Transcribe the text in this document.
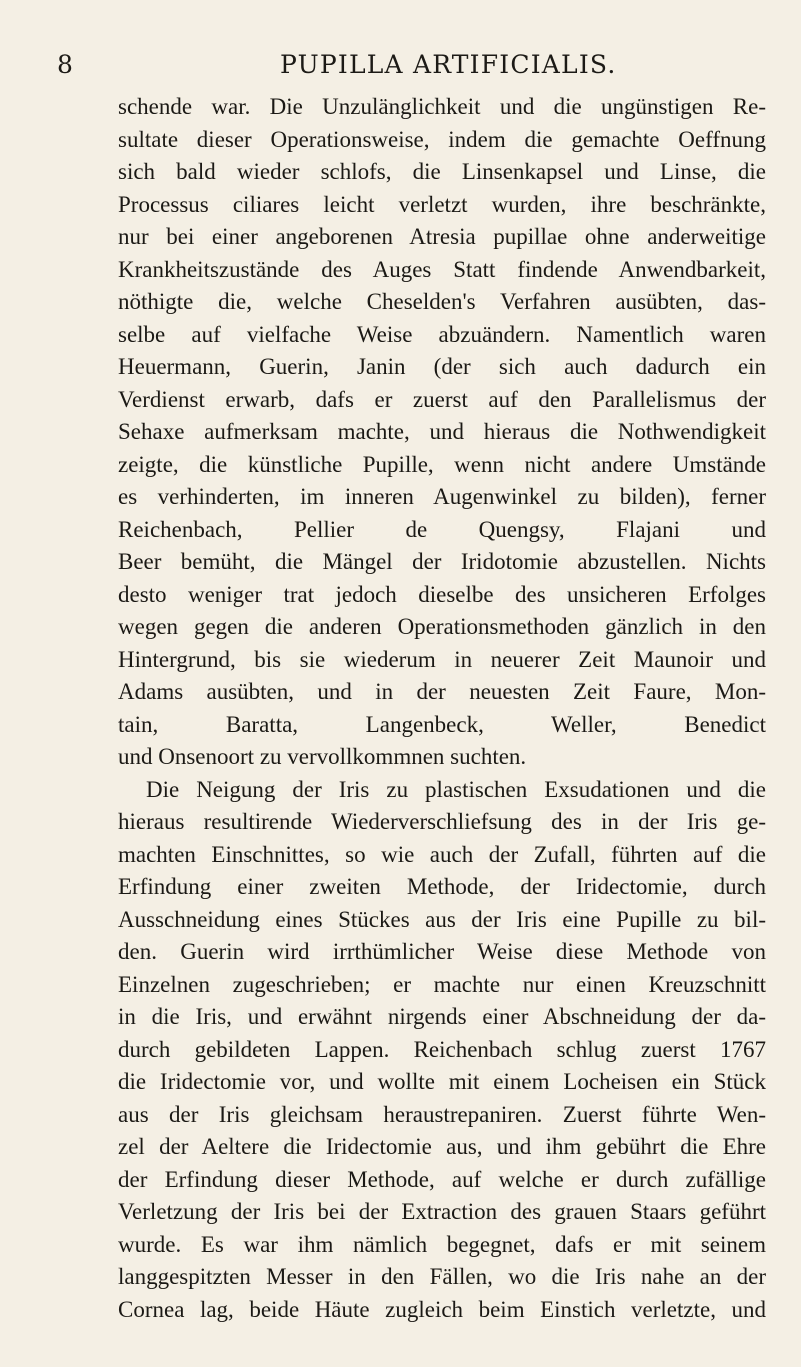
8	PUPILLA ARTIFICIALIS.
schende war. Die Unzulänglichkeit und die ungünstigen Re-
sultate dieser Operationsweise, indem die gemachte Oeffnung
sich bald wieder schlofs, die Linsenkapsel und Linse, die
Processus ciliares leicht verletzt wurden, ihre beschränkte,
nur bei einer angeborenen Atresia pupillae ohne anderweitige
Krankheitszustände des Auges Statt findende Anwendbarkeit,
nöthigte die, welche Cheselden's Verfahren ausübten, das-
selbe auf vielfache Weise abzuändern. Namentlich waren
Heuermann, Guerin, Janin (der sich auch dadurch ein
Verdienst erwarb, dafs er zuerst auf den Parallelismus der
Sehaxe aufmerksam machte, und hieraus die Nothwendigkeit
zeigte, die künstliche Pupille, wenn nicht andere Umstände
es verhinderten, im inneren Augenwinkel zu bilden), ferner
Reichenbach, Pellier de Quengsy, Flajani und
Beer bemüht, die Mängel der Iridotomie abzustellen. Nichts
desto weniger trat jedoch dieselbe des unsicheren Erfolges
wegen gegen die anderen Operationsmethoden gänzlich in den
Hintergrund, bis sie wiederum in neuerer Zeit Maunoir und
Adams ausübten, und in der neuesten Zeit Faure, Mon-
tain, Baratta, Langenbeck, Weller, Benedict
und Onsenoort zu vervollkommnen suchten.
Die Neigung der Iris zu plastischen Exsudationen und die
hieraus resultirende Wiederverschliefsung des in der Iris ge-
machten Einschnittes, so wie auch der Zufall, führten auf die
Erfindung einer zweiten Methode, der Iridectomie, durch
Ausschneidung eines Stückes aus der Iris eine Pupille zu bil-
den. Guerin wird irrthümlicher Weise diese Methode von
Einzelnen zugeschrieben; er machte nur einen Kreuzschnitt
in die Iris, und erwähnt nirgends einer Abschneidung der da-
durch gebildeten Lappen. Reichenbach schlug zuerst 1767
die Iridectomie vor, und wollte mit einem Locheisen ein Stück
aus der Iris gleichsam heraustrepaniren. Zuerst führte Wen-
zel der Aeltere die Iridectomie aus, und ihm gebührt die Ehre
der Erfindung dieser Methode, auf welche er durch zufällige
Verletzung der Iris bei der Extraction des grauen Staars geführt
wurde. Es war ihm nämlich begegnet, dafs er mit seinem
langgespitzten Messer in den Fällen, wo die Iris nahe an der
Cornea lag, beide Häute zugleich beim Einstich verletzte, und
